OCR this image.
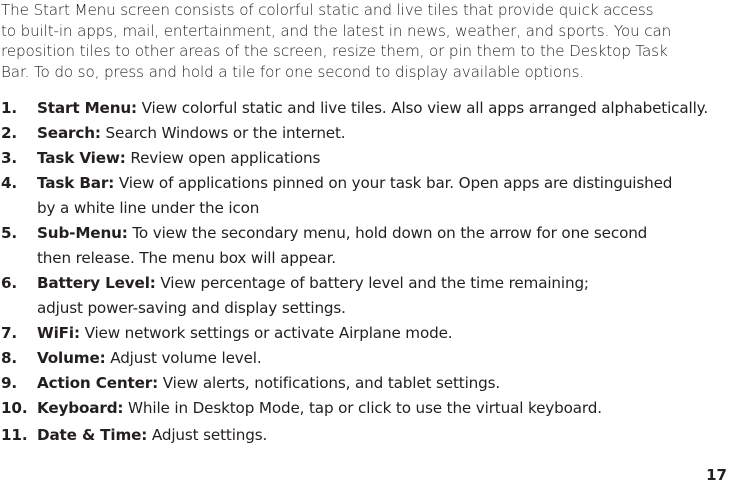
The Start Menu screen consists of colorful static and live tiles that provide quick access
to built-in apps, mail, entertainment, and the latest in news, weather, and sports. You can
reposition tiles to other areas of the screen, resize them, or pin them to the Desktop Task
Bar. To do so, press and hold a tile for one second to display available options.
1. Start Menu: View colorful static and live tiles. Also view all apps arranged alphabetically.
2. Search: Search Windows or the internet.
3. Task View: Review open applications
4. Task Bar: View of applications pinned on your task bar. Open apps are distinguished
by a white line under the icon
5. Sub-Menu: To view the secondary menu, hold down on the arrow for one second
then release. The menu box will appear.
6. Battery Level: View percentage of battery level and the time remaining;
adjust power-saving and display settings.
7. WiFi: View network settings or activate Airplane mode.
8. Volume: Adjust volume level.
9. Action Center: View alerts, notifications, and tablet settings.
10. Keyboard: While in Desktop Mode, tap or click to use the virtual keyboard.
11. Date & Time: Adjust settings.
17
